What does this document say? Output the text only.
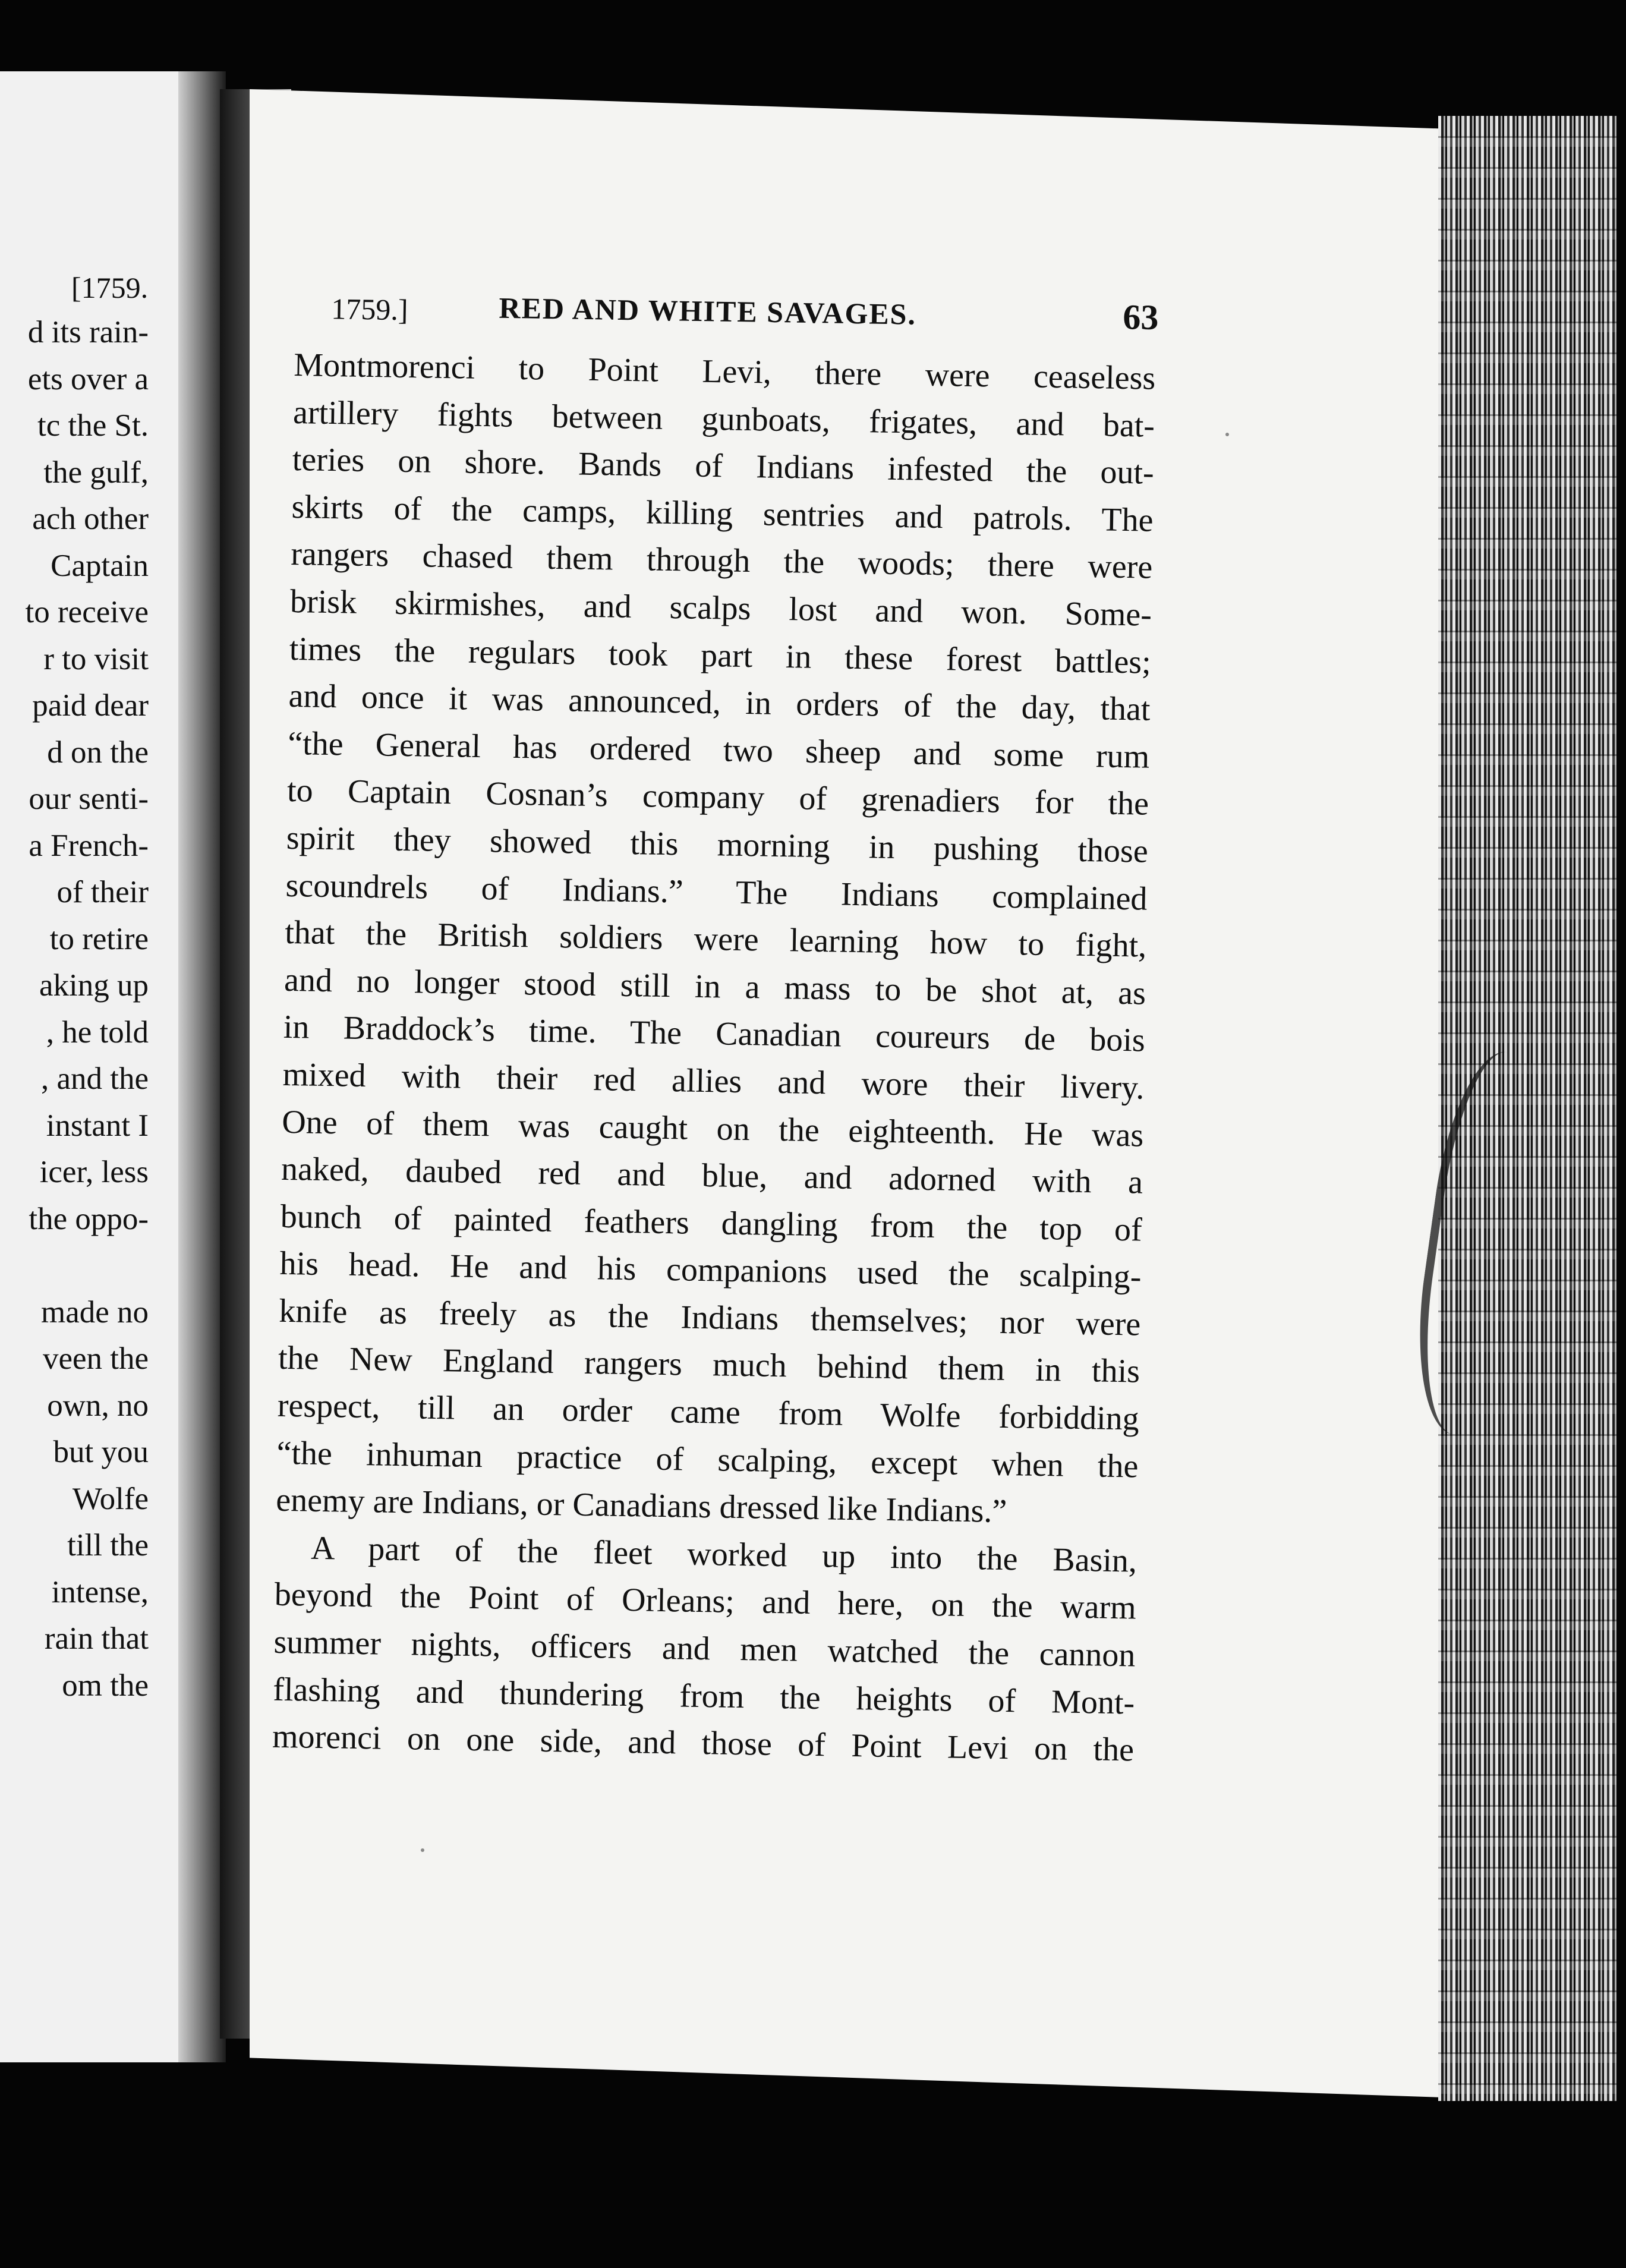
[1759.
d its rain-
ets over a
tc the St.
the gulf,
ach other
Captain
to receive
r to visit
paid dear
d on the
our senti-
a French-
of their
to retire
aking up
, he told
, and the
instant I
icer, less
the oppo-
made no
veen the
own, no
but you
Wolfe
till the
intense,
rain that
om the
1759.]	RED AND WHITE SAVAGES.	63
Montmorenci to Point Levi, there were ceaseless
artillery fights between gunboats, frigates, and bat-
teries on shore. Bands of Indians infested the out-
skirts of the camps, killing sentries and patrols. The
rangers chased them through the woods; there were
brisk skirmishes, and scalps lost and won. Some-
times the regulars took part in these forest battles;
and once it was announced, in orders of the day, that
“the General has ordered two sheep and some rum
to Captain Cosnan’s company of grenadiers for the
spirit they showed this morning in pushing those
scoundrels of Indians.” The Indians complained
that the British soldiers were learning how to fight,
and no longer stood still in a mass to be shot at, as
in Braddock’s time. The Canadian coureurs de bois
mixed with their red allies and wore their livery.
One of them was caught on the eighteenth. He was
naked, daubed red and blue, and adorned with a
bunch of painted feathers dangling from the top of
his head. He and his companions used the scalping-
knife as freely as the Indians themselves; nor were
the New England rangers much behind them in this
respect, till an order came from Wolfe forbidding
“the inhuman practice of scalping, except when the
enemy are Indians, or Canadians dressed like Indians.”
A part of the fleet worked up into the Basin,
beyond the Point of Orleans; and here, on the warm
summer nights, officers and men watched the cannon
flashing and thundering from the heights of Mont-
morenci on one side, and those of Point Levi on the
